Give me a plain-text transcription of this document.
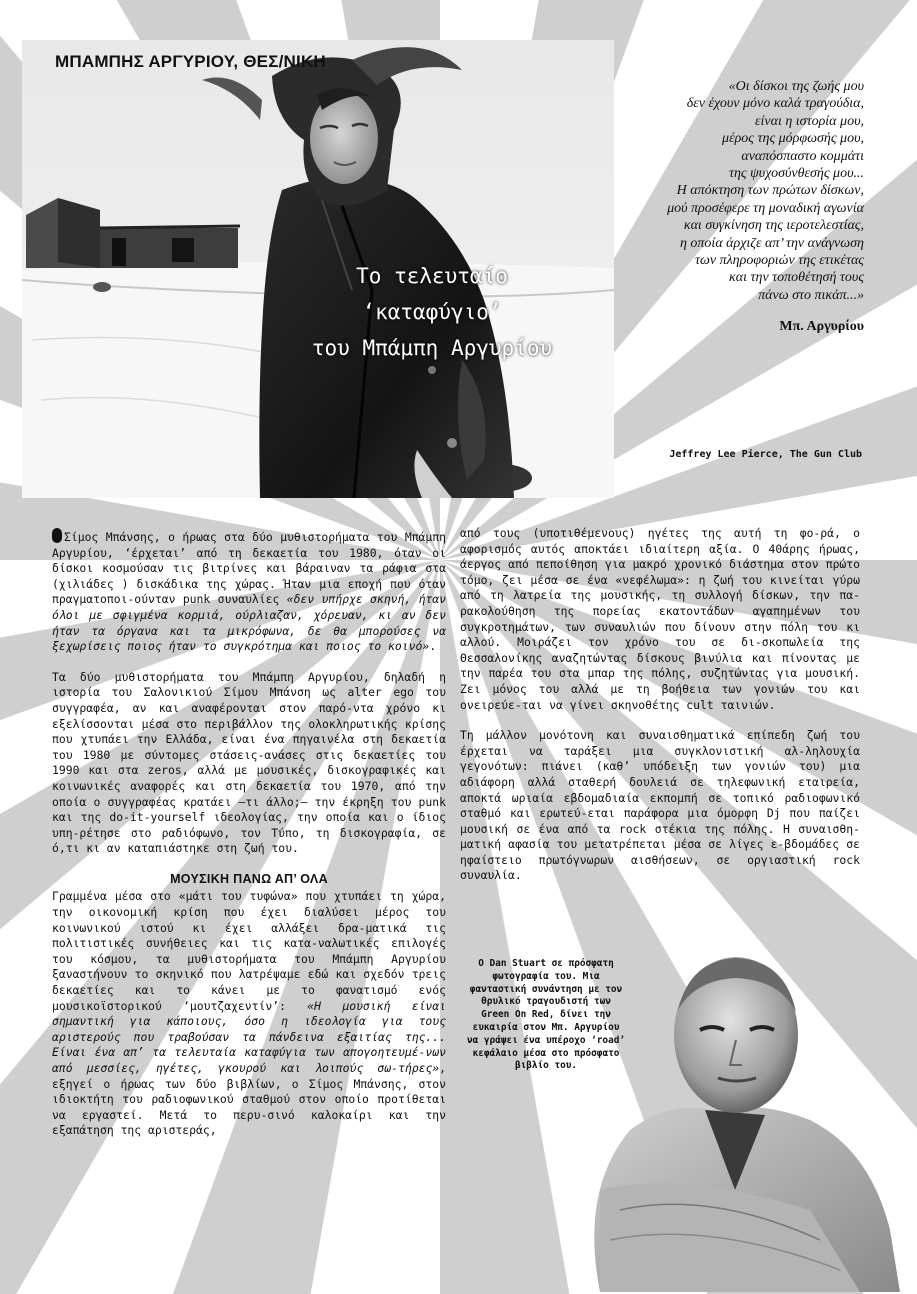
ΜΠΑΜΠΗΣ ΑΡΓΥΡΙΟΥ, ΘΕΣ/ΝΙΚΗ
Το τελευταίο
‘καταφύγιο’
του Μπάμπη Αργυρίου
«Οι δίσκοι της ζωής μου
δεν έχουν μόνο καλά τραγούδια,
είναι η ιστορία μου,
μέρος της μόρφωσής μου,
αναπόσπαστο κομμάτι
της ψυχοσύνθεσής μου...
Η απόκτηση των πρώτων δίσκων,
μού προσέφερε τη μοναδική αγωνία
και συγκίνηση της ιεροτελεστίας,
η οποία άρχιζε απ’ την ανάγνωση
των πληροφοριών της ετικέτας
και την τοποθέτησή τους
πάνω στο πικάπ...»
Μπ. Αργυρίου
Jeffrey Lee Pierce, The Gun Club

Σίμος Μπάνσης, ο ήρωας στα δύο μυθιστορήματα του Μπάμπη Αργυρίου, ‘έρχεται’ από τη δεκαετία του 1980, όταν οι δίσκοι κοσμούσαν τις βιτρίνες και βάραιναν τα ράφια στα (χιλιάδες ) δισκάδικα της χώρας. Ήταν μια εποχή που όταν πραγματοποι-ούνταν punk συναυλίες «δεν υπήρχε σκηνή, ήταν όλοι με σφιγμένα κορμιά, ούρλιαζαν, χόρευαν, κι αν δεν ήταν τα όργανα και τα μικρόφωνα, δε θα μπορούσες να ξεχωρίσεις ποιος ήταν το συγκρότημα και ποιος το κοινό».

Τα δύο μυθιστορήματα του Μπάμπη Αργυρίου, δηλαδή η ιστορία του Σαλονικιού Σίμου Μπάνση ως alter ego του συγγραφέα, αν και αναφέρονται στον παρό-ντα χρόνο κι εξελίσσονται μέσα στο περιβάλλον της ολοκληρωτικής κρίσης που χτυπάει την Ελλάδα, είναι ένα πηγαινέλα στη δεκαετία του 1980 με σύντομες στάσεις-ανάσες στις δεκαετίες του 1990 και στα zeros, αλλά με μουσικές, δισκογραφικές και κοινωνικές αναφορές και στη δεκαετία του 1970, από την οποία ο συγγραφέας κρατάει –τι άλλο;– την έκρηξη του punk και της do-it-yourself ιδεολογίας, την οποία και ο ίδιος υπη-ρέτησε στο ραδιόφωνο, τον Τύπο, τη δισκογραφία, σε ό,τι κι αν καταπιάστηκε στη ζωή του.

ΜΟΥΣΙΚΗ ΠΑΝΩ ΑΠ’ ΟΛΑ

Γραμμένα μέσα στο «μάτι του τυφώνα» που χτυπάει τη χώρα, την οικονομική κρίση που έχει διαλύσει μέρος του κοινωνικού ιστού κι έχει αλλάξει δρα-ματικά τις πολιτιστικές συνήθειες και τις κατα-ναλωτικές επιλογές του κόσμου, τα μυθιστορήματα του Μπάμπη Αργυρίου ξαναστήνουν το σκηνικό που λατρέψαμε εδώ και σχεδόν τρεις δεκαετίες και το κάνει με το φανατισμό ενός μουσικοϊστορικού ‘μουτζαχεντίν’: «Η μουσική είναι σημαντική για κάποιους, όσο η ιδεολογία για τους αριστερούς που τραβούσαν τα πάνδεινα εξαιτίας της... Είναι ένα απ’ τα τελευταία καταφύγια των απογοητευμέ-νων από μεσσίες, ηγέτες, γκουρού και λοιπούς σω-τήρες», εξηγεί ο ήρωας των δύο βιβλίων, ο Σίμος Μπάνσης, στον ιδιοκτήτη του ραδιοφωνικού σταθμού στον οποίο προτίθεται να εργαστεί. Μετά το περυ-σινό καλοκαίρι και την εξαπάτηση της αριστεράς,

από τους (υποτιθέμενους) ηγέτες της αυτή τη φο-ρά, ο αφορισμός αυτός αποκτάει ιδιαίτερη αξία. Ο 40άρης ήρωας, άεργος από πεποίθηση για μακρό χρονικό διάστημα στον πρώτο τόμο, ζει μέσα σε ένα «νεφέλωμα»: η ζωή του κινείται γύρω από τη λατρεία της μουσικής, τη συλλογή δίσκων, την πα-ρακολούθηση της πορείας εκατοντάδων αγαπημένων του συγκροτημάτων, των συναυλιών που δίνουν στην πόλη του κι αλλού. Μοιράζει τον χρόνο του σε δι-σκοπωλεία της Θεσσαλονίκης αναζητώντας δίσκους βινύλια και πίνοντας με την παρέα του στα μπαρ της πόλης, συζητώντας για μουσική. Ζει μόνος του αλλά με τη βοήθεια των γονιών του και ονειρεύε-ται να γίνει σκηνοθέτης cult ταινιών.

Τη μάλλον μονότονη και συναισθηματικά επίπεδη ζωή του έρχεται να ταράξει μια συγκλονιστική αλ-ληλουχία γεγονότων: πιάνει (καθ’ υπόδειξη των γονιών του) μια αδιάφορη αλλά σταθερή δουλειά σε τηλεφωνική εταιρεία, αποκτά ωριαία εβδομαδιαία εκπομπή σε τοπικό ραδιοφωνικό σταθμό και ερωτεύ-εται παράφορα μια όμορφη Dj που παίζει μουσική σε ένα από τα rock στέκια της πόλης. Η συναισθη-ματική αφασία του μετατρέπεται μέσα σε λίγες ε-βδομάδες σε ηφαίστειο πρωτόγνωρων αισθήσεων, σε οργιαστική rock συναυλία.

Ο Dan Stuart σε πρόσφατη φωτογραφία του. Μια φανταστική συνάντηση με τον θρυλικό τραγουδιστή των Green On Red, δίνει την ευκαιρία στον Μπ. Αργυρίου να γράψει ένα υπέροχο ‘road’ κεφάλαιο μέσα στο πρόσφατο βιβλίο του.
